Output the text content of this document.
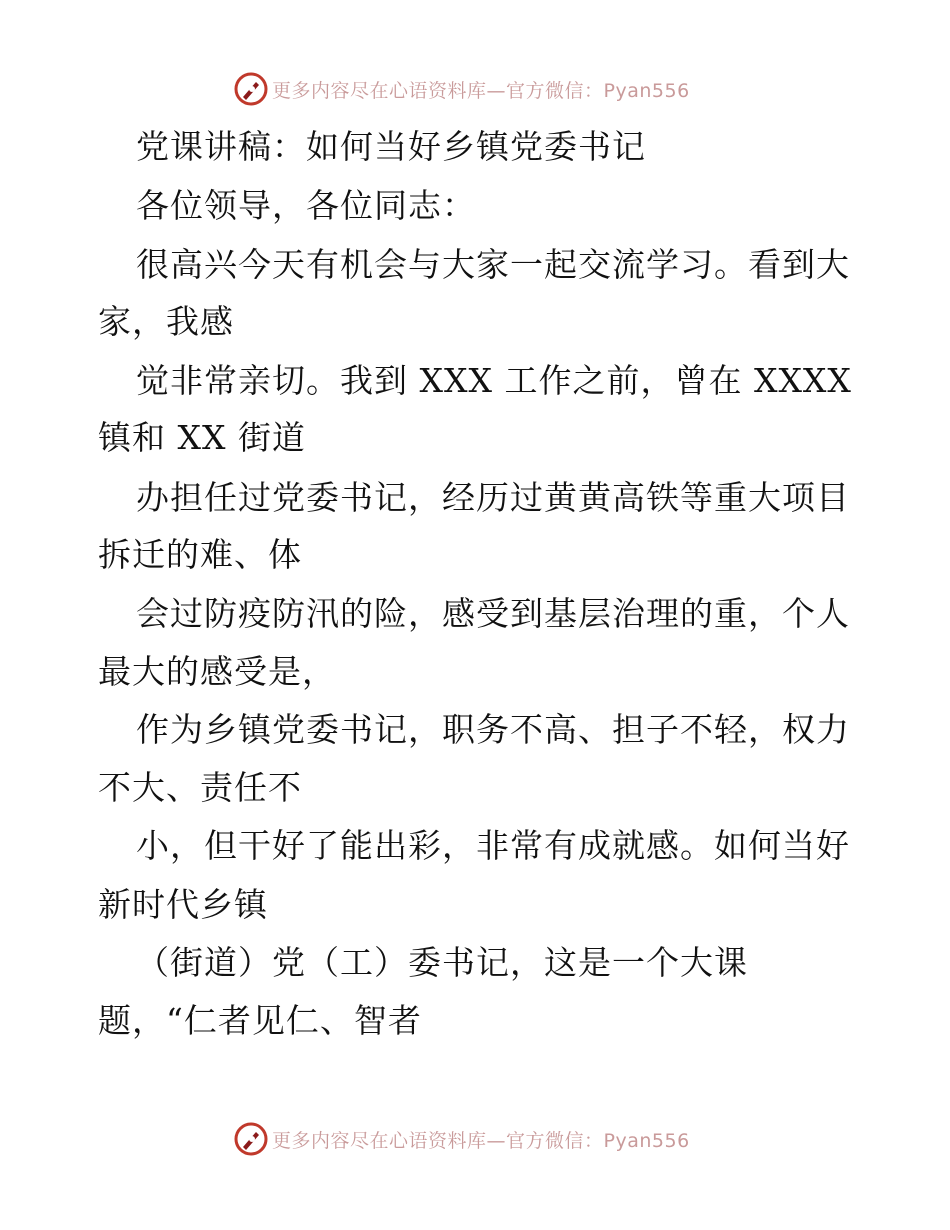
更多内容尽在心语资料库—官方微信：Pyan556
党课讲稿：如何当好乡镇党委书记
各位领导，各位同志：
很高兴今天有机会与大家一起交流学习。看到大
家，我感
觉非常亲切。我到 XXX 工作之前，曾在 XXXX
镇和 XX 街道
办担任过党委书记，经历过黄黄高铁等重大项目
拆迁的难、体
会过防疫防汛的险，感受到基层治理的重，个人
最大的感受是，
作为乡镇党委书记，职务不高、担子不轻，权力
不大、责任不
小，但干好了能出彩，非常有成就感。如何当好
新时代乡镇
（街道）党（工）委书记，这是一个大课
题，“仁者见仁、智者
更多内容尽在心语资料库—官方微信：Pyan556
